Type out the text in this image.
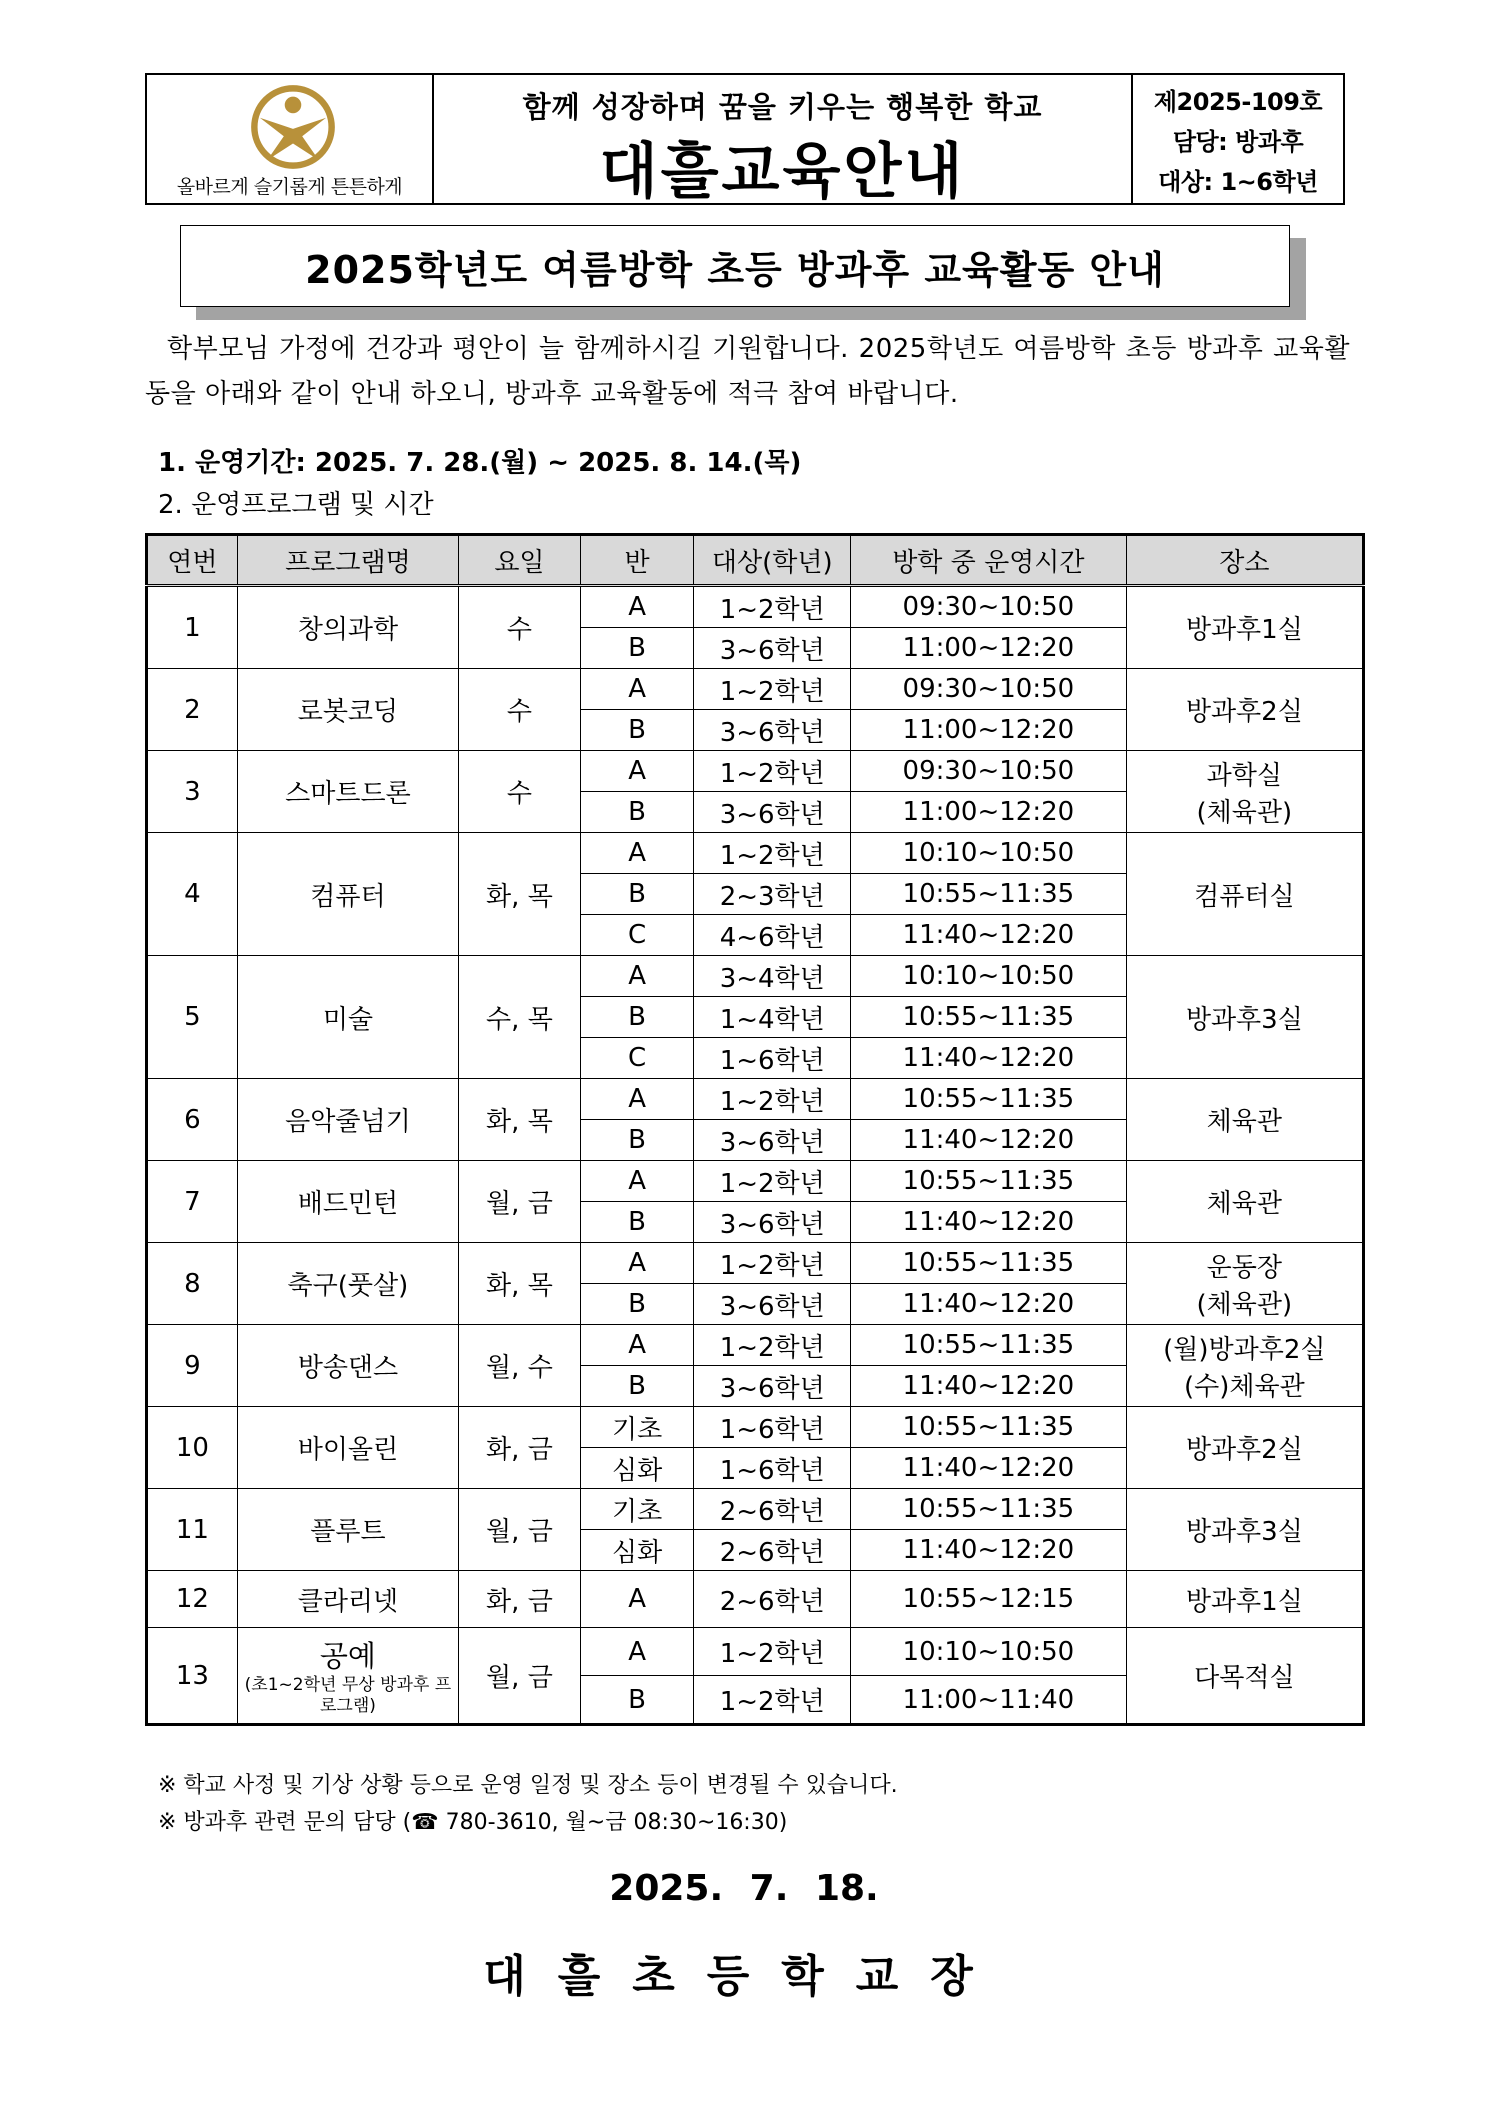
올바르게 슬기롭게 튼튼하게
함께 성장하며 꿈을 키우는 행복한 학교
대흘교육안내
제2025-109호
담당: 방과후
대상: 1~6학년
2025학년도 여름방학 초등 방과후 교육활동 안내
학부모님 가정에 건강과 평안이 늘 함께하시길 기원합니다. 2025학년도 여름방학 초등 방과후 교육활동을 아래와 같이 안내 하오니, 방과후 교육활동에 적극 참여 바랍니다.
1. 운영기간: 2025. 7. 28.(월) ~ 2025. 8. 14.(목)
2. 운영프로그램 및 시간
연번	프로그램명	요일	반	대상(학년)	방학 중 운영시간	장소
1	창의과학	수	A	1~2학년	09:30~10:50	방과후1실

			B	3~6학년	11:00~12:20	
2	로봇코딩	수	A	1~2학년	09:30~10:50	방과후2실

			B	3~6학년	11:00~12:20	
3	스마트드론	수	A	1~2학년	09:30~10:50	과학실
(체육관)

			B	3~6학년	11:00~12:20	
4	컴퓨터	화, 목	A	1~2학년	10:10~10:50	컴퓨터실

			B	2~3학년	10:55~11:35	
			C	4~6학년	11:40~12:20	
5	미술	수, 목	A	3~4학년	10:10~10:50	방과후3실

			B	1~4학년	10:55~11:35	
			C	1~6학년	11:40~12:20	
6	음악줄넘기	화, 목	A	1~2학년	10:55~11:35	체육관

			B	3~6학년	11:40~12:20	
7	배드민턴	월, 금	A	1~2학년	10:55~11:35	체육관

			B	3~6학년	11:40~12:20	
8	축구(풋살)	화, 목	A	1~2학년	10:55~11:35	운동장
(체육관)

			B	3~6학년	11:40~12:20	
9	방송댄스	월, 수	A	1~2학년	10:55~11:35	(월)방과후2실
(수)체육관

			B	3~6학년	11:40~12:20	
10	바이올린	화, 금	기초	1~6학년	10:55~11:35	방과후2실

			심화	1~6학년	11:40~12:20	
11	플루트	월, 금	기초	2~6학년	10:55~11:35	방과후3실

			심화	2~6학년	11:40~12:20	
12	클라리넷	화, 금	A	2~6학년	10:55~12:15	방과후1실

13	공예
(초1~2학년 무상 방과후 프로그램)	월, 금	A	1~2학년	10:10~10:50	다목적실

			B	1~2학년	11:00~11:40	
※ 학교 사정 및 기상 상황 등으로 운영 일정 및 장소 등이 변경될 수 있습니다.
※ 방과후 관련 문의 담당 (☎ 780-3610, 월~금 08:30~16:30)
2025. 7. 18.
대흘초등학교장
